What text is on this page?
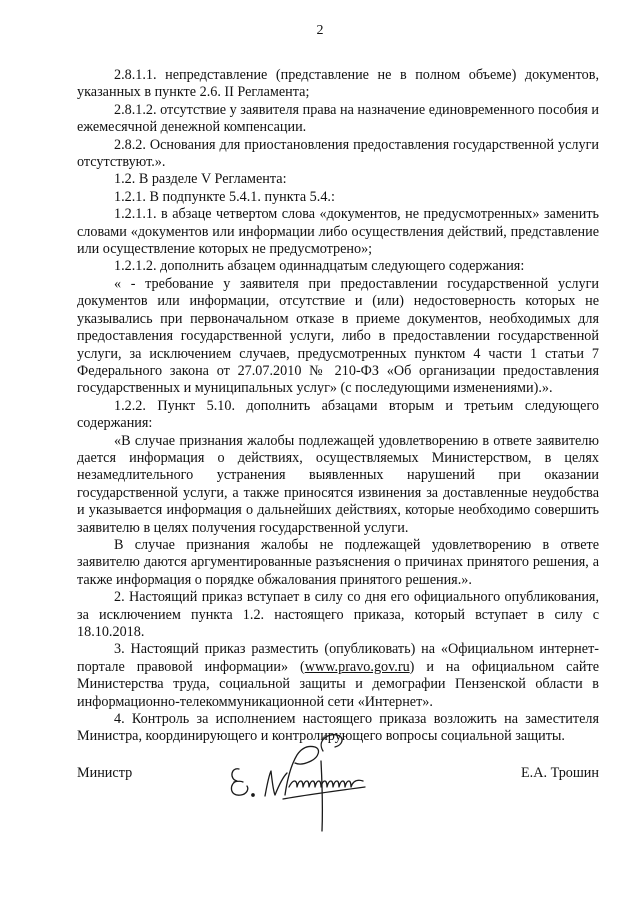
2

2.8.1.1. непредставление (представление не в полном объеме) документов, указанных в пункте 2.6. II Регламента;

2.8.1.2. отсутствие у заявителя права на назначение единовременного пособия и ежемесячной денежной компенсации.

2.8.2. Основания для приостановления предоставления государственной услуги отсутствуют.».

1.2. В разделе V Регламента:

1.2.1. В подпункте 5.4.1. пункта 5.4.:

1.2.1.1. в абзаце четвертом слова «документов, не предусмотренных» заменить словами «документов или информации либо осуществления действий, представление или осуществление которых не предусмотрено»;

1.2.1.2. дополнить абзацем одиннадцатым следующего содержания:

« - требование у заявителя при предоставлении государственной услуги документов или информации, отсутствие и (или) недостоверность которых не указывались при первоначальном отказе в приеме документов, необходимых для предоставления государственной услуги, либо в предоставлении государственной услуги, за исключением случаев, предусмотренных пунктом 4 части 1 статьи 7 Федерального закона от 27.07.2010 № 210-ФЗ «Об организации предоставления государственных и муниципальных услуг» (с последующими изменениями).».

1.2.2. Пункт 5.10. дополнить абзацами вторым и третьим следующего содержания:

«В случае признания жалобы подлежащей удовлетворению в ответе заявителю дается информация о действиях, осуществляемых Министерством, в целях незамедлительного устранения выявленных нарушений при оказании государственной услуги, а также приносятся извинения за доставленные неудобства и указывается информация о дальнейших действиях, которые необходимо совершить заявителю в целях получения государственной услуги.

В случае признания жалобы не подлежащей удовлетворению в ответе заявителю даются аргументированные разъяснения о причинах принятого решения, а также информация о порядке обжалования принятого решения.».

2. Настоящий приказ вступает в силу со дня его официального опубликования, за исключением пункта 1.2. настоящего приказа, который вступает в силу с 18.10.2018.

3. Настоящий приказ разместить (опубликовать) на «Официальном интернет-портале правовой информации» (www.pravo.gov.ru) и на официальном сайте Министерства труда, социальной защиты и демографии Пензенской области в информационно-телекоммуникационной сети «Интернет».

4. Контроль за исполнением настоящего приказа возложить на заместителя Министра, координирующего и контролирующего вопросы социальной защиты.

Министр	Е.А. Трошин
